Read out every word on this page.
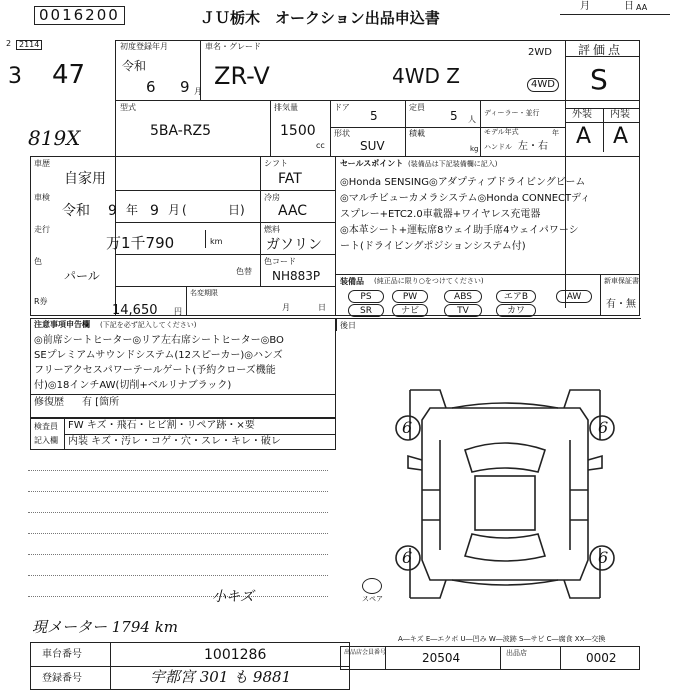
0016200	ＪＵ栃木　オークション出品申込書
月	日 AA
2 2114
3 47
819X
初度登録年月
令和
6 9 月
車名・グレード
ZR-V	4WD Z
2WD
4WD
評価点
S
外装 内装
A A
型式
5BA-RZ5
排気量
1500
cc
ドア
5
定員
5 人
ディーラー・並行
形状
SUV
積載
kg
モデル年式	年
ハンドル 左・右
車歴
自家用
車検
令和 9 年 9 月 (	日)
走行
万1千790	km
色
パール	色替
シフト
FAT
冷房
AAC
燃料
ガソリン
色コード
NH883P
セールスポイント (装備品は下記装備欄に記入)
◎Honda SENSING◎アダプティブドライビングビーム
◎マルチビューカメラシステム◎Honda CONNECTディ
スプレー+ETC2.0車載器+ワイヤレス充電器
◎本革シート+運転席8ウェイ助手席4ウェイパワーシ
ート(ドライビングポジションシステム付)
装備品 (純正品に限り○をつけてください)
PS	PW	ABS	エアB	AW
SR	ナビ	TV	カワ
新車保証書
有・無
R券
14,650 円
名変期限
月	日
後日
注意事項申告欄 (下記を必ず記入してください)
◎前席シートヒーター◎リア左右席シートヒーター◎BO
SEプレミアムサウンドシステム(12スピーカー)◎ハンズ
フリーアクセスパワーテールゲート(予約クローズ機能
付)◎18インチAW(切削+ベルリナブラック)
修復歴 有 [箇所
検査員
記入欄
FW キズ・飛石・ヒビ割・リペア跡・×要
内装 キズ・汚レ・コゲ・穴・スレ・キレ・破レ
6	6
6	6
スペア
小キズ
A―キズ E―エクボ U―凹み W―波跡 S―サビ C―腐食 XX―交換
現メーター 1794 km
車台番号	1001286
登録番号	宇都宮 301 も 9881
出品店会員番号	20504	出品店	0002
